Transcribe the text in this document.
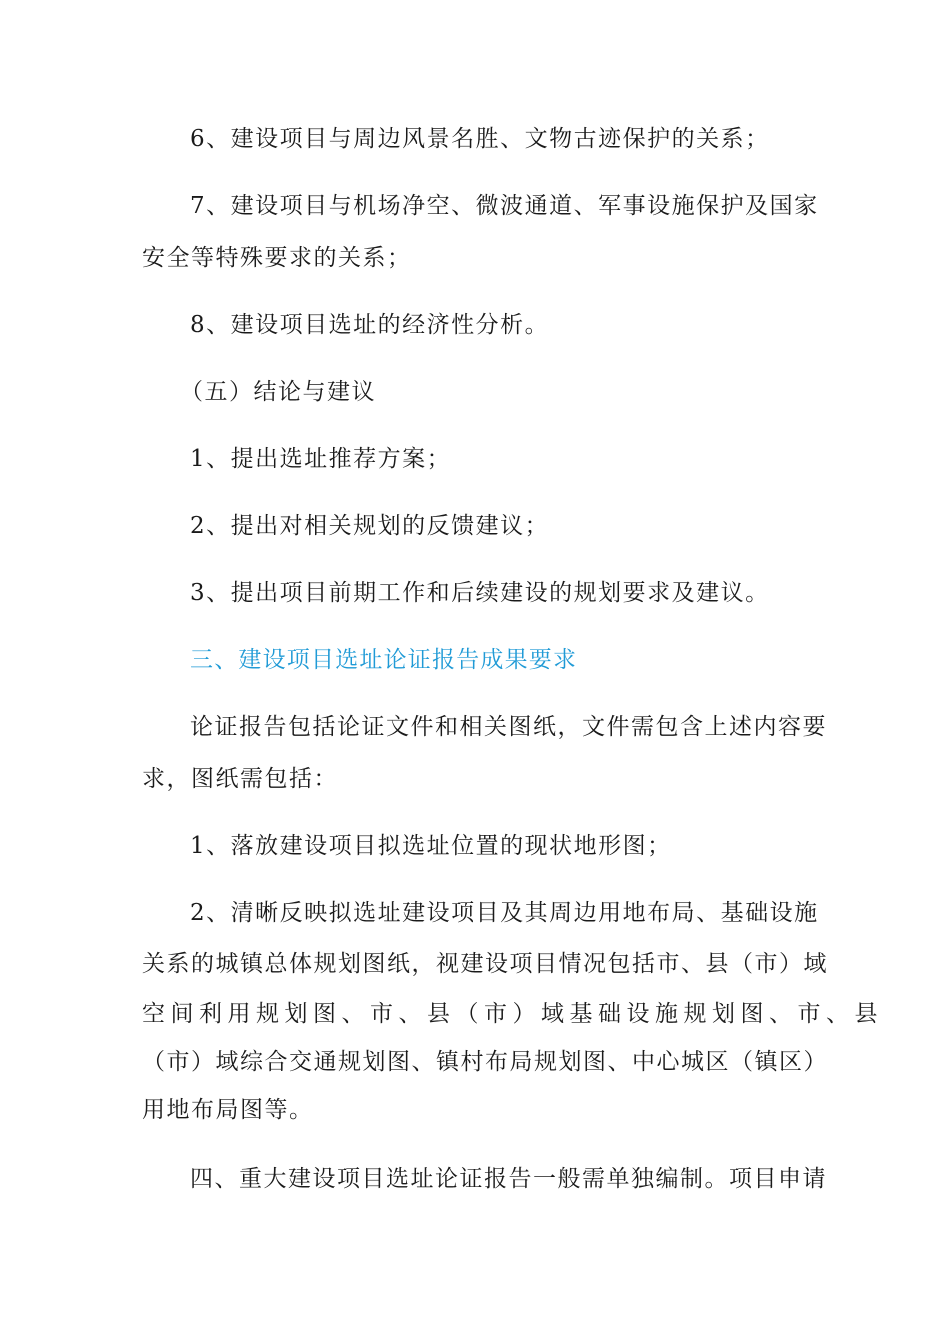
6、建设项目与周边风景名胜、文物古迹保护的关系；
7、建设项目与机场净空、微波通道、军事设施保护及国家
安全等特殊要求的关系；
8、建设项目选址的经济性分析。
（五）结论与建议
1、提出选址推荐方案；
2、提出对相关规划的反馈建议；
3、提出项目前期工作和后续建设的规划要求及建议。
三、建设项目选址论证报告成果要求
论证报告包括论证文件和相关图纸，文件需包含上述内容要
求，图纸需包括：
1、落放建设项目拟选址位置的现状地形图；
2、清晰反映拟选址建设项目及其周边用地布局、基础设施
关系的城镇总体规划图纸，视建设项目情况包括市、县（市）域
空间利用规划图、市、县（市）域基础设施规划图、市、县
（市）域综合交通规划图、镇村布局规划图、中心城区（镇区）
用地布局图等。
四、重大建设项目选址论证报告一般需单独编制。项目申请
